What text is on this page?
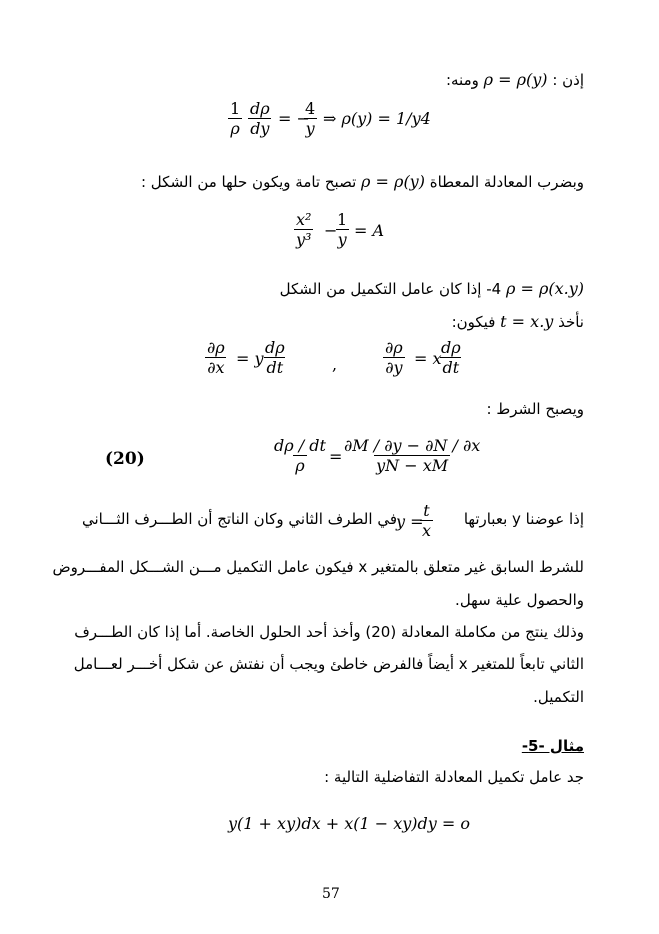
إذن : ρ = ρ(y) ومنه:
$\frac{1}{\rho} \frac{d\rho}{dy}$ = −
$\frac{4}{y}$ ⇒ ρ(y) = 1/y4
وبضرب المعادلة المعطاة ρ = ρ(y) تصبح تامة ويكون حلها من الشكل :
$\frac{\text{x²}}{\text{y³}}$ −
$\frac{1}{y} = A$
ρ = ρ(x.y) 4- إذا كان عامل التكميل من الشكل
نأخذ t = x.y فيكون:
$\frac{\partial\rho}{\partial x} = y \frac{d\rho}{dt}$	,	$\frac{\partial\rho}{\partial y} = x$
$\frac{d\rho}{dt}$
ويصبح الشرط :
(20)	$\frac{d\rho / dt}{\rho} = \frac{\partial M / \partial y - \partial N / \partial x}{yN - xM}$
إذا عوضنا y بعبارتها
y =
$\frac{t}{x}$
في الطرف الثاني وكان الناتج أن الطـــرف الثـــاني
للشرط السابق غير متعلق بالمتغير x فيكون عامل التكميل مـــن الشـــكل المفـــروض
والحصول علية سهل.
وذلك ينتج من مكاملة المعادلة (20) وأخذ أحد الحلول الخاصة. أما إذا كان الطـــرف
الثاني تابعاً للمتغير x أيضاً فالفرض خاطئ ويجب أن نفتش عن شكل أخـــر لعـــامل
التكميل.
مثال -5-
جد عامل تكميل المعادلة التفاضلية التالية :
y(1 + xy)dx + x(1 − xy)dy = o
57
